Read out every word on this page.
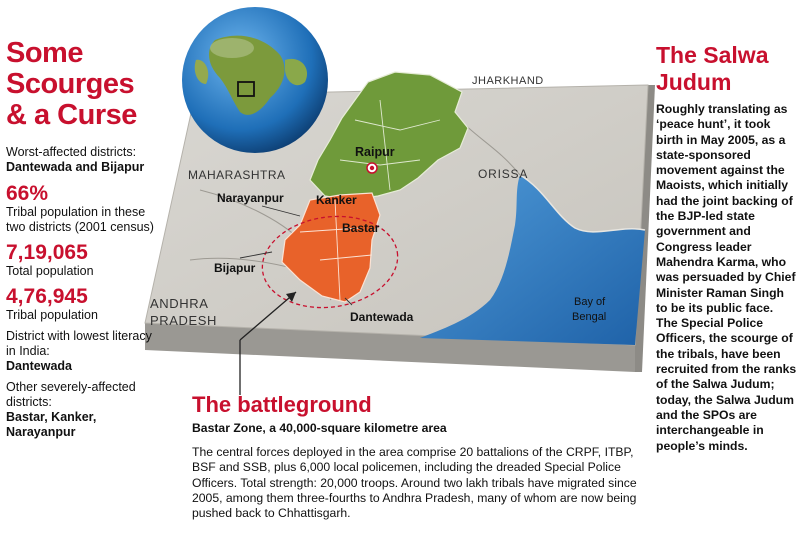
JHARKHAND
MAHARASHTRA	ORISSA
ANDHRA
PRADESH
Raipur
Narayanpur	Kanker
Bastar
Bijapur
Dantewada
Bay of
Bengal
Some
Scourges
& a Curse

Worst-affected districts:

Dantewada and Bijapur

66%

Tribal population in these two districts (2001 census)

7,19,065

Total population

4,76,945

Tribal population

District with lowest literacy in India:

Dantewada

Other severely-affected districts:

Bastar, Kanker, Narayanpur

The Salwa Judum

Roughly translating as ‘peace hunt’, it took birth in May 2005, as a state-sponsored movement against the Maoists, which initially had the joint backing of the BJP-led state government and Congress leader Mahendra Karma, who was persuaded by Chief Minister Raman Singh to be its public face. The Special Police Officers, the scourge of the tribals, have been recruited from the ranks of the Salwa Judum; today, the Salwa Judum and the SPOs are interchangeable in people’s minds.

The battleground

Bastar Zone, a 40,000-square kilometre area

The central forces deployed in the area comprise 20 battalions of the CRPF, ITBP, BSF and SSB, plus 6,000 local policemen, including the dreaded Special Police Officers. Total strength: 20,000 troops. Around two lakh tribals have migrated since 2005, among them three-fourths to Andhra Pradesh, many of whom are now being pushed back to Chhattisgarh.
